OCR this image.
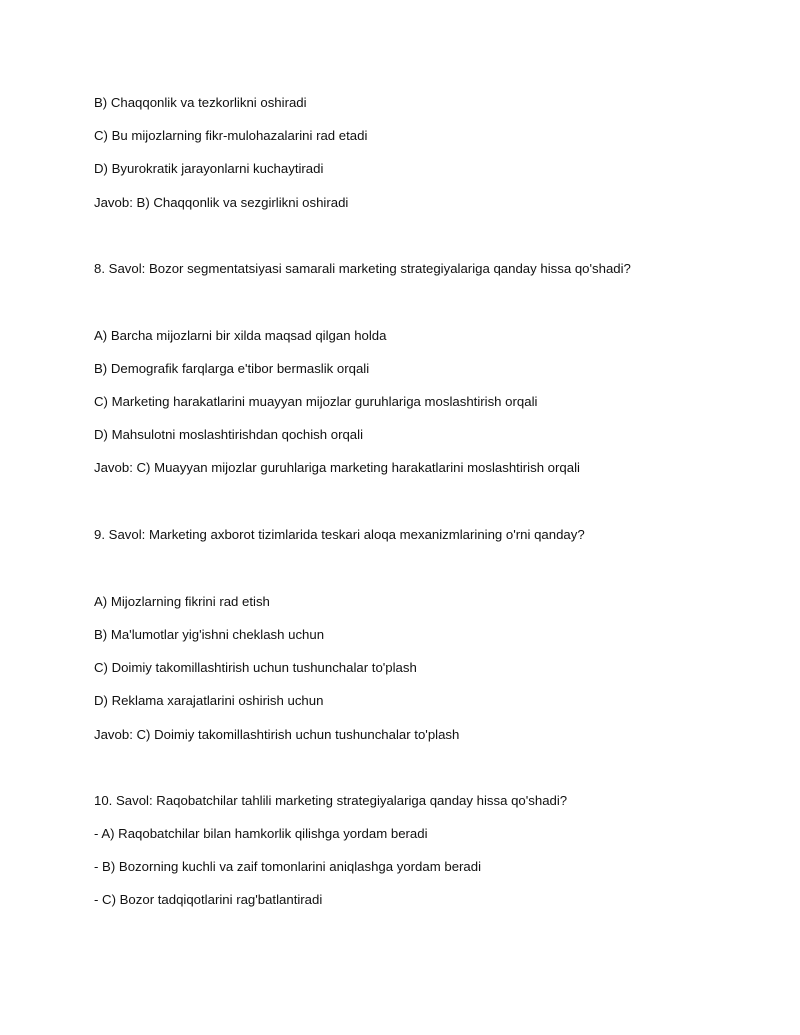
B) Chaqqonlik va tezkorlikni oshiradi
C) Bu mijozlarning fikr-mulohazalarini rad etadi
D) Byurokratik jarayonlarni kuchaytiradi
Javob: B) Chaqqonlik va sezgirlikni oshiradi
8. Savol: Bozor segmentatsiyasi samarali marketing strategiyalariga qanday hissa qo'shadi?
A) Barcha mijozlarni bir xilda maqsad qilgan holda
B) Demografik farqlarga e'tibor bermaslik orqali
C) Marketing harakatlarini muayyan mijozlar guruhlariga moslashtirish orqali
D) Mahsulotni moslashtirishdan qochish orqali
Javob: C) Muayyan mijozlar guruhlariga marketing harakatlarini moslashtirish orqali
9. Savol: Marketing axborot tizimlarida teskari aloqa mexanizmlarining o'rni qanday?
A) Mijozlarning fikrini rad etish
B) Ma'lumotlar yig'ishni cheklash uchun
C) Doimiy takomillashtirish uchun tushunchalar to'plash
D) Reklama xarajatlarini oshirish uchun
Javob: C) Doimiy takomillashtirish uchun tushunchalar to'plash
10. Savol: Raqobatchilar tahlili marketing strategiyalariga qanday hissa qo'shadi?
- A) Raqobatchilar bilan hamkorlik qilishga yordam beradi
- B) Bozorning kuchli va zaif tomonlarini aniqlashga yordam beradi
- C) Bozor tadqiqotlarini rag'batlantiradi
